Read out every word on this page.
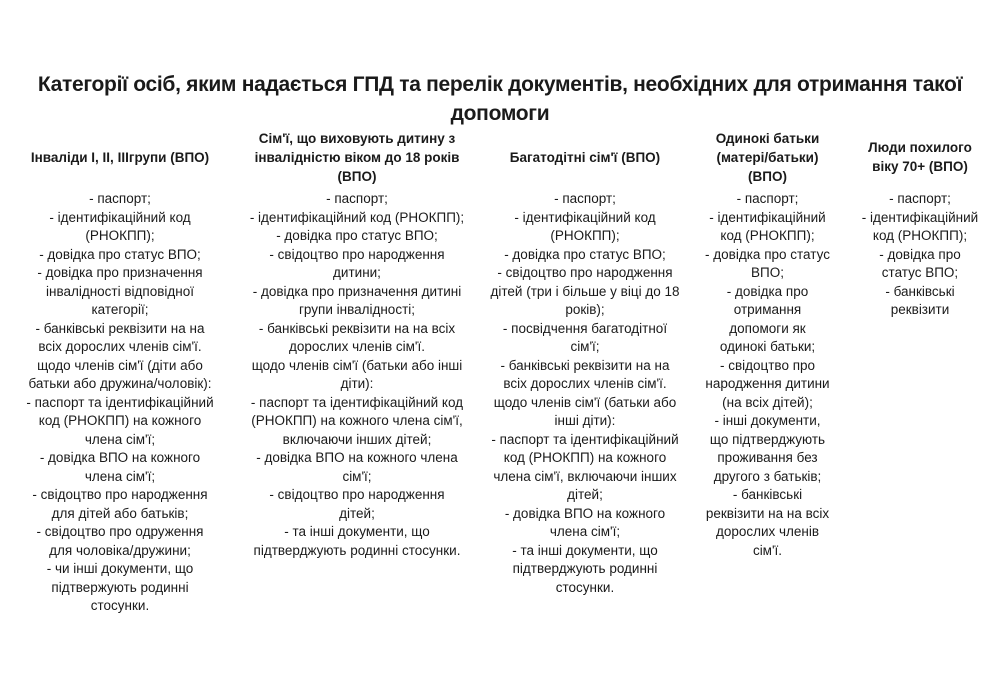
Категорії осіб, яким надається ГПД та перелік документів, необхідних для отримання такої
допомоги
Інваліди І, ІІ, ІІІгрупи (ВПО)
- паспорт;
- ідентифікаційний код
(РНОКПП);
- довідка про статус ВПО;
- довідка про призначення
інвалідності відповідної
категорії;
- банківські реквізити на на
всіх дорослих членів сім'ї.
щодо членів сім'ї (діти або
батьки або дружина/чоловік):
- паспорт та ідентифікаційний
код (РНОКПП) на кожного
члена сім'ї;
- довідка ВПО на кожного
члена сім'ї;
- свідоцтво про народження
для дітей або батьків;
- свідоцтво про одруження
для чоловіка/дружини;
- чи інші документи, що
підтвержують родинні
стосунки.
Сім'ї, що виховують дитину з
інвалідністю віком до 18 років
(ВПО)
- паспорт;
- ідентифікаційний код (РНОКПП);
- довідка про статус ВПО;
- свідоцтво про народження
дитини;
- довідка про призначення дитині
групи інвалідності;
- банківські реквізити на на всіх
дорослих членів сім'ї.
щодо членів сім'ї (батьки або інші
діти):
- паспорт та ідентифікаційний код
(РНОКПП) на кожного члена сім'ї,
включаючи інших дітей;
- довідка ВПО на кожного члена
сім'ї;
- свідоцтво про народження
дітей;
- та інші документи, що
підтверджують родинні стосунки.
Багатодітні сім'ї (ВПО)
- паспорт;
- ідентифікаційний код
(РНОКПП);
- довідка про статус ВПО;
- свідоцтво про народження
дітей (три і більше у віці до 18
років);
- посвідчення багатодітної
сім'ї;
- банківські реквізити на на
всіх дорослих членів сім'ї.
щодо членів сім'ї (батьки або
інші діти):
- паспорт та ідентифікаційний
код (РНОКПП) на кожного
члена сім'ї, включаючи інших
дітей;
- довідка ВПО на кожного
члена сім'ї;
- та інші документи, що
підтверджують родинні
стосунки.
Одинокі батьки
(матері/батьки)
(ВПО)
- паспорт;
- ідентифікаційний
код (РНОКПП);
- довідка про статус
ВПО;
- довідка про
отримання
допомоги як
одинокі батьки;
- свідоцтво про
народження дитини
(на всіх дітей);
- інші документи,
що підтверджують
проживання без
другого з батьків;
- банківські
реквізити на на всіх
дорослих членів
сім'ї.
Люди похилого
віку 70+ (ВПО)
- паспорт;
- ідентифікаційний
код (РНОКПП);
- довідка про
статус ВПО;
- банківські
реквізити
